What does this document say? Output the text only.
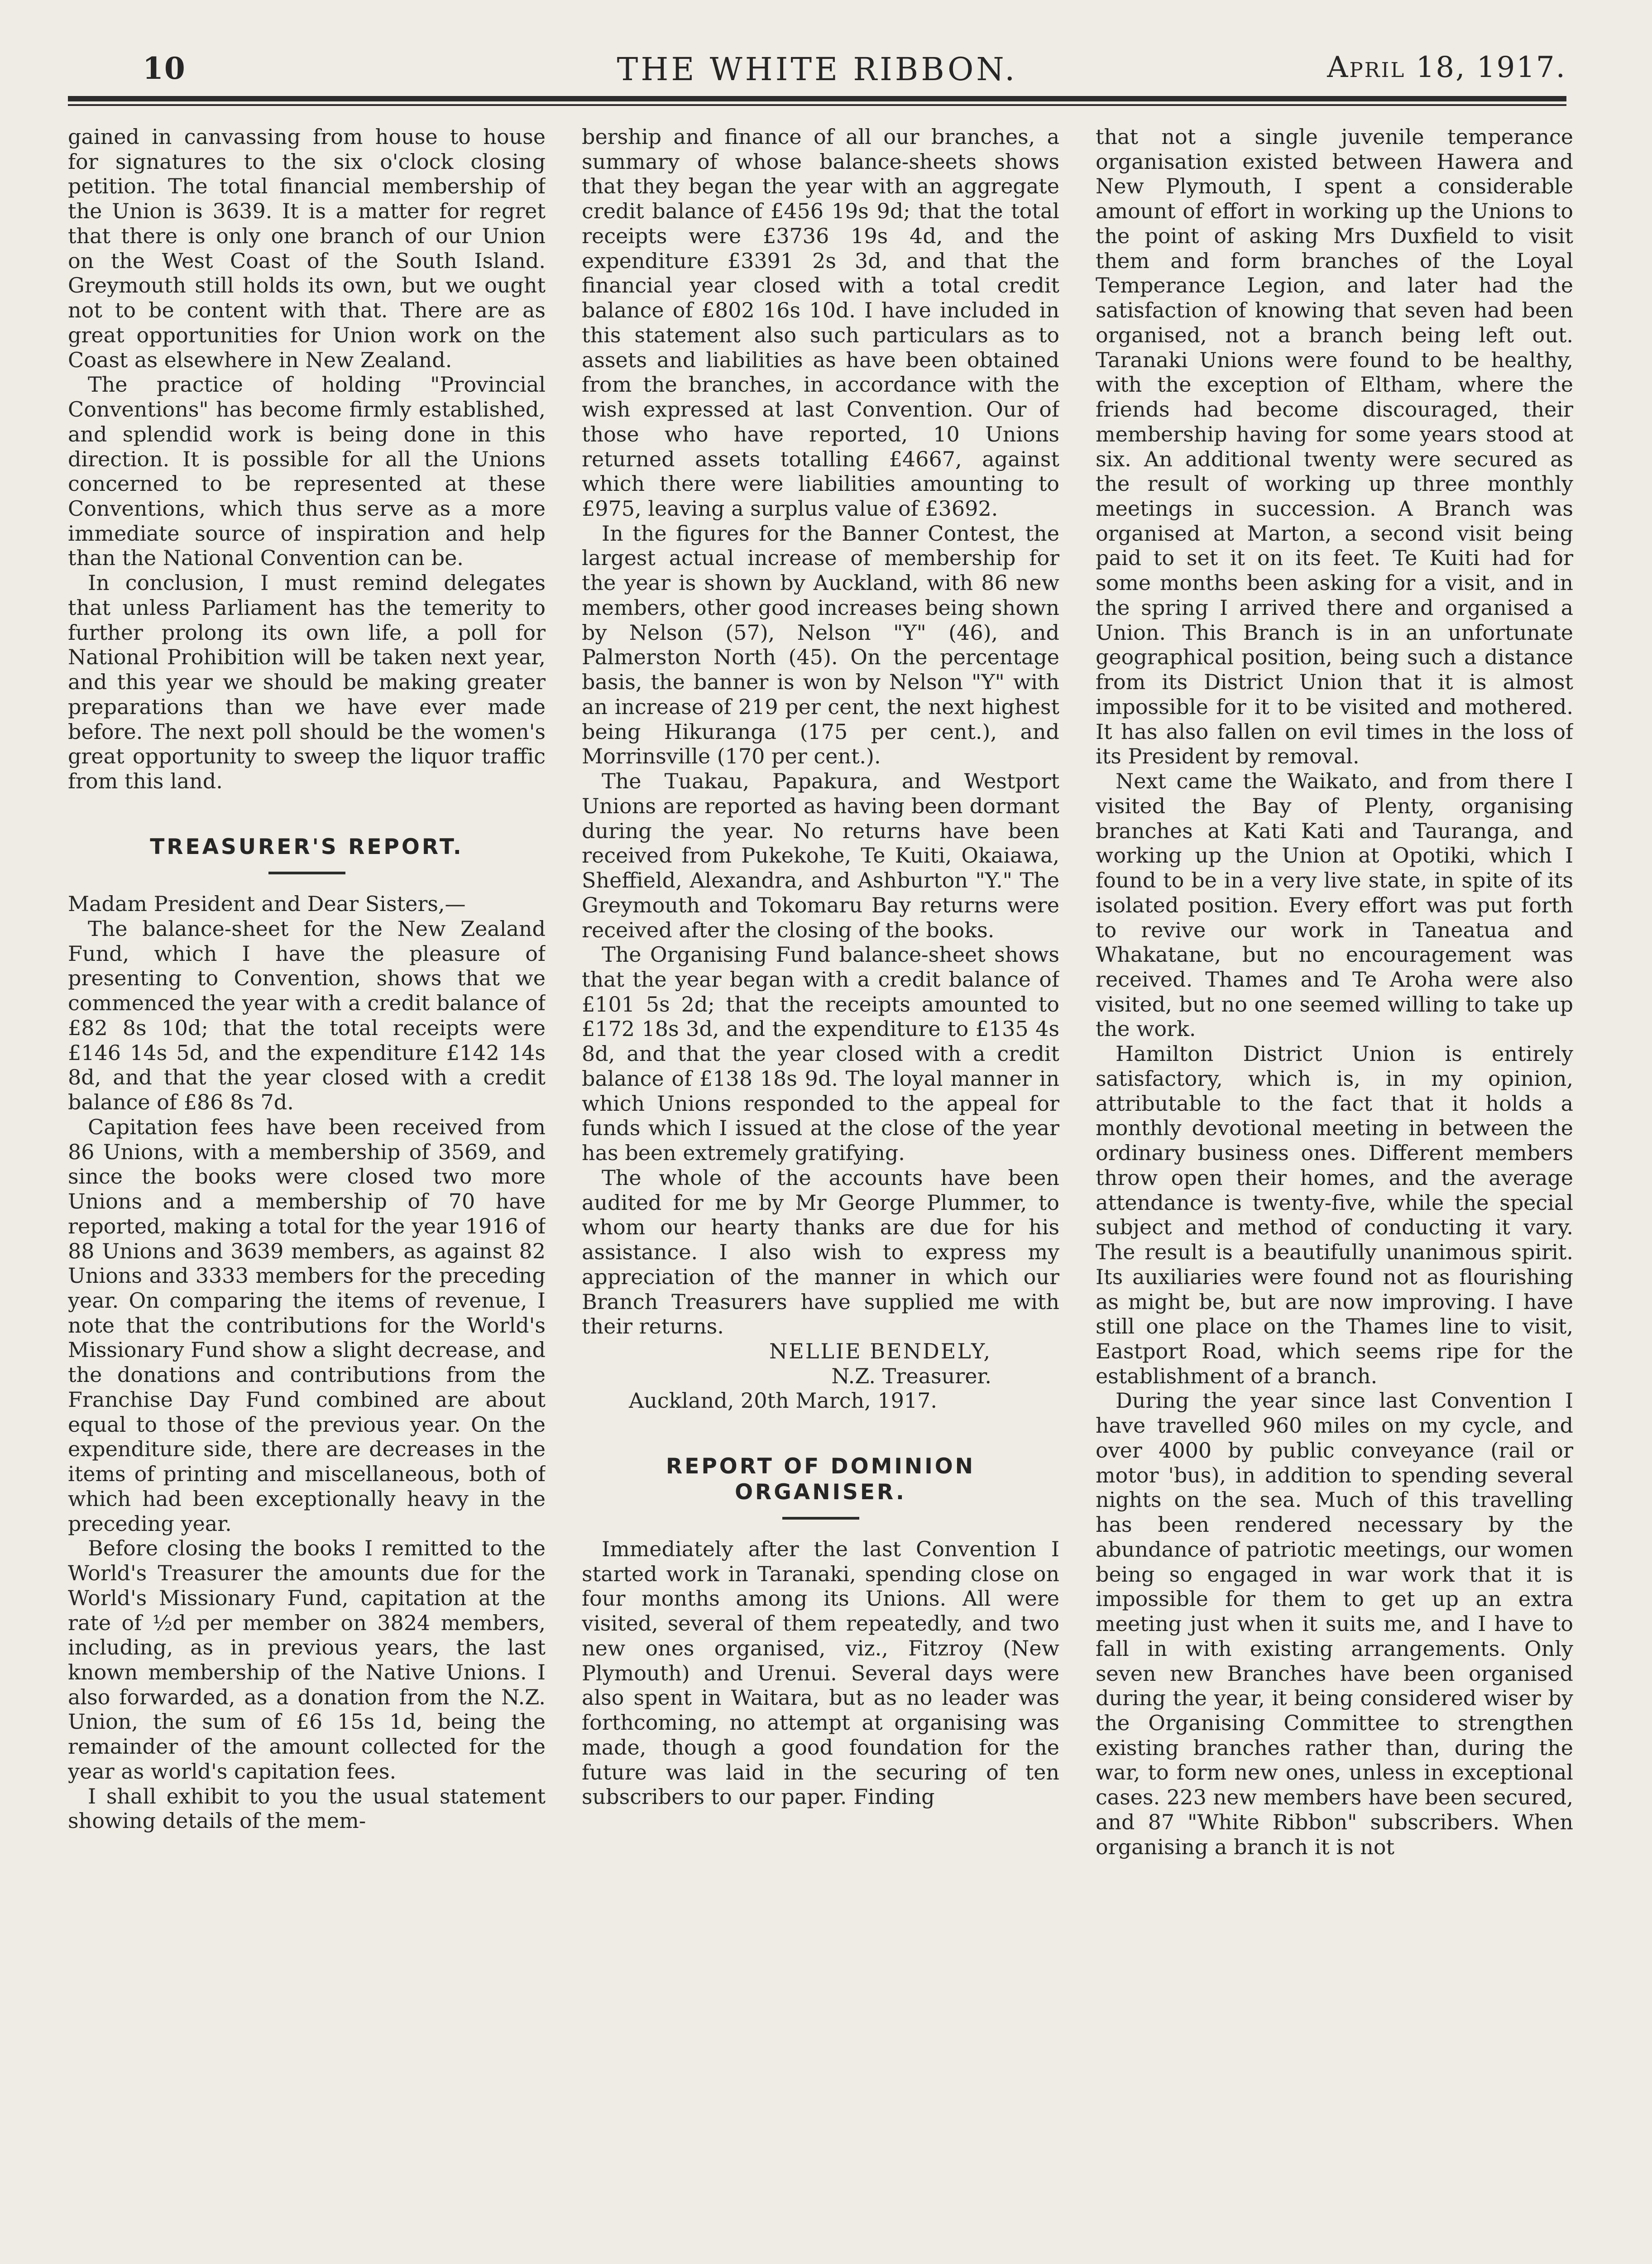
10	THE WHITE RIBBON.	April 18, 1917.

gained in canvassing from house to house for signatures to the six o'clock closing petition. The total financial membership of the Union is 3639. It is a matter for regret that there is only one branch of our Union on the West Coast of the South Island. Greymouth still holds its own, but we ought not to be content with that. There are as great opportunities for Union work on the Coast as elsewhere in New Zealand.

The practice of holding "Provincial Conventions" has become firmly established, and splendid work is being done in this direction. It is possible for all the Unions concerned to be represented at these Conventions, which thus serve as a more immediate source of inspiration and help than the National Convention can be.

In conclusion, I must remind delegates that unless Parliament has the temerity to further prolong its own life, a poll for National Prohibition will be taken next year, and this year we should be making greater preparations than we have ever made before. The next poll should be the women's great opportunity to sweep the liquor traffic from this land.

TREASURER'S REPORT.

Madam President and Dear Sisters,—

The balance-sheet for the New Zealand Fund, which I have the pleasure of presenting to Convention, shows that we commenced the year with a credit balance of £82 8s 10d; that the total receipts were £146 14s 5d, and the expenditure £142 14s 8d, and that the year closed with a credit balance of £86 8s 7d.

Capitation fees have been received from 86 Unions, with a membership of 3569, and since the books were closed two more Unions and a membership of 70 have reported, making a total for the year 1916 of 88 Unions and 3639 members, as against 82 Unions and 3333 members for the preceding year. On comparing the items of revenue, I note that the contributions for the World's Missionary Fund show a slight decrease, and the donations and contributions from the Franchise Day Fund combined are about equal to those of the previous year. On the expenditure side, there are decreases in the items of printing and miscellaneous, both of which had been exceptionally heavy in the preceding year.

Before closing the books I remitted to the World's Treasurer the amounts due for the World's Missionary Fund, capitation at the rate of ½d per member on 3824 members, including, as in previous years, the last known membership of the Native Unions. I also forwarded, as a donation from the N.Z. Union, the sum of £6 15s 1d, being the remainder of the amount collected for the year as world's capitation fees.

I shall exhibit to you the usual statement showing details of the mem-

bership and finance of all our branches, a summary of whose balance-sheets shows that they began the year with an aggregate credit balance of £456 19s 9d; that the total receipts were £3736 19s 4d, and the expenditure £3391 2s 3d, and that the financial year closed with a total credit balance of £802 16s 10d. I have included in this statement also such particulars as to assets and liabilities as have been obtained from the branches, in accordance with the wish expressed at last Convention. Our of those who have reported, 10 Unions returned assets totalling £4667, against which there were liabilities amounting to £975, leaving a surplus value of £3692.

In the figures for the Banner Contest, the largest actual increase of membership for the year is shown by Auckland, with 86 new members, other good increases being shown by Nelson (57), Nelson "Y" (46), and Palmerston North (45). On the percentage basis, the banner is won by Nelson "Y" with an increase of 219 per cent, the next highest being Hikuranga (175 per cent.), and Morrinsville (170 per cent.).

The Tuakau, Papakura, and Westport Unions are reported as having been dormant during the year. No returns have been received from Pukekohe, Te Kuiti, Okaiawa, Sheffield, Alexandra, and Ashburton "Y." The Greymouth and Tokomaru Bay returns were received after the closing of the books.

The Organising Fund balance-sheet shows that the year began with a credit balance of £101 5s 2d; that the receipts amounted to £172 18s 3d, and the expenditure to £135 4s 8d, and that the year closed with a credit balance of £138 18s 9d. The loyal manner in which Unions responded to the appeal for funds which I issued at the close of the year has been extremely gratifying.

The whole of the accounts have been audited for me by Mr George Plummer, to whom our hearty thanks are due for his assistance. I also wish to express my appreciation of the manner in which our Branch Treasurers have supplied me with their returns.

NELLIE BENDELY,

N.Z. Treasurer.

Auckland, 20th March, 1917.

REPORT OF DOMINION ORGANISER.

Immediately after the last Convention I started work in Taranaki, spending close on four months among its Unions. All were visited, several of them repeatedly, and two new ones organised, viz., Fitzroy (New Plymouth) and Urenui. Several days were also spent in Waitara, but as no leader was forthcoming, no attempt at organising was made, though a good foundation for the future was laid in the securing of ten subscribers to our paper. Finding

that not a single juvenile temperance organisation existed between Hawera and New Plymouth, I spent a considerable amount of effort in working up the Unions to the point of asking Mrs Duxfield to visit them and form branches of the Loyal Temperance Legion, and later had the satisfaction of knowing that seven had been organised, not a branch being left out. Taranaki Unions were found to be healthy, with the exception of Eltham, where the friends had become discouraged, their membership having for some years stood at six. An additional twenty were secured as the result of working up three monthly meetings in succession. A Branch was organised at Marton, a second visit being paid to set it on its feet. Te Kuiti had for some months been asking for a visit, and in the spring I arrived there and organised a Union. This Branch is in an unfortunate geographical position, being such a distance from its District Union that it is almost impossible for it to be visited and mothered. It has also fallen on evil times in the loss of its President by removal.

Next came the Waikato, and from there I visited the Bay of Plenty, organising branches at Kati Kati and Tauranga, and working up the Union at Opotiki, which I found to be in a very live state, in spite of its isolated position. Every effort was put forth to revive our work in Taneatua and Whakatane, but no encouragement was received. Thames and Te Aroha were also visited, but no one seemed willing to take up the work.

Hamilton District Union is entirely satisfactory, which is, in my opinion, attributable to the fact that it holds a monthly devotional meeting in between the ordinary business ones. Different members throw open their homes, and the average attendance is twenty-five, while the special subject and method of conducting it vary. The result is a beautifully unanimous spirit. Its auxiliaries were found not as flourishing as might be, but are now improving. I have still one place on the Thames line to visit, Eastport Road, which seems ripe for the establishment of a branch.

During the year since last Convention I have travelled 960 miles on my cycle, and over 4000 by public conveyance (rail or motor 'bus), in addition to spending several nights on the sea. Much of this travelling has been rendered necessary by the abundance of patriotic meetings, our women being so engaged in war work that it is impossible for them to get up an extra meeting just when it suits me, and I have to fall in with existing arrangements. Only seven new Branches have been organised during the year, it being considered wiser by the Organising Committee to strengthen existing branches rather than, during the war, to form new ones, unless in exceptional cases. 223 new members have been secured, and 87 "White Ribbon" subscribers. When organising a branch it is not
